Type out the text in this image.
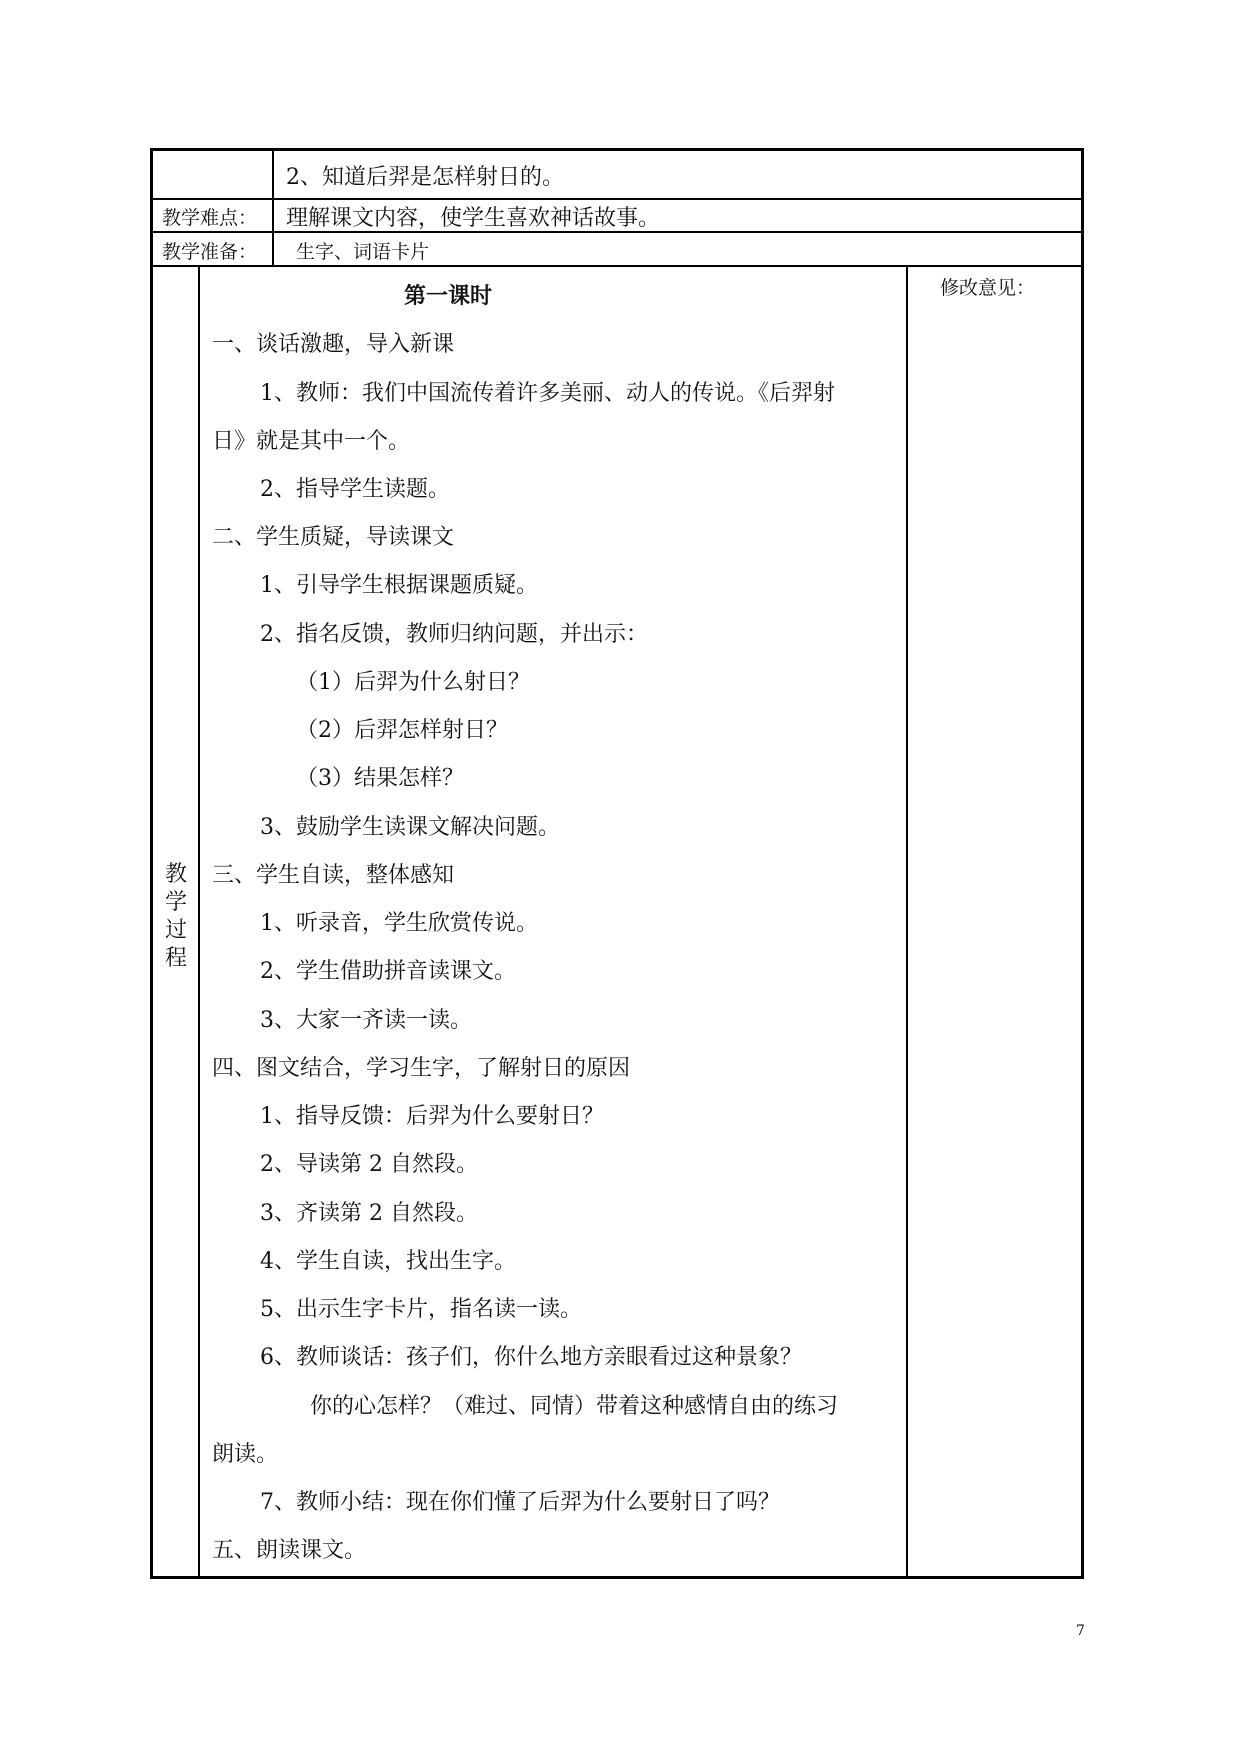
2、知道后羿是怎样射日的。
教学难点： 理解课文内容，使学生喜欢神话故事。
教学准备： 生字、词语卡片
教
学
过
程
修改意见：
第一课时
一、谈话激趣，导入新课
1、教师：我们中国流传着许多美丽、动人的传说。《后羿射
日》就是其中一个。
2、指导学生读题。
二、学生质疑，导读课文
1、引导学生根据课题质疑。
2、指名反馈，教师归纳问题，并出示：
（1）后羿为什么射日？
（2）后羿怎样射日？
（3）结果怎样？
3、鼓励学生读课文解决问题。
三、学生自读，整体感知
1、听录音，学生欣赏传说。
2、学生借助拼音读课文。
3、大家一齐读一读。
四、图文结合，学习生字，了解射日的原因
1、指导反馈：后羿为什么要射日？
2、导读第 2 自然段。
3、齐读第 2 自然段。
4、学生自读，找出生字。
5、出示生字卡片，指名读一读。
6、教师谈话：孩子们，你什么地方亲眼看过这种景象？
你的心怎样？（难过、同情）带着这种感情自由的练习
朗读。
7、教师小结：现在你们懂了后羿为什么要射日了吗？
五、朗读课文。
7
